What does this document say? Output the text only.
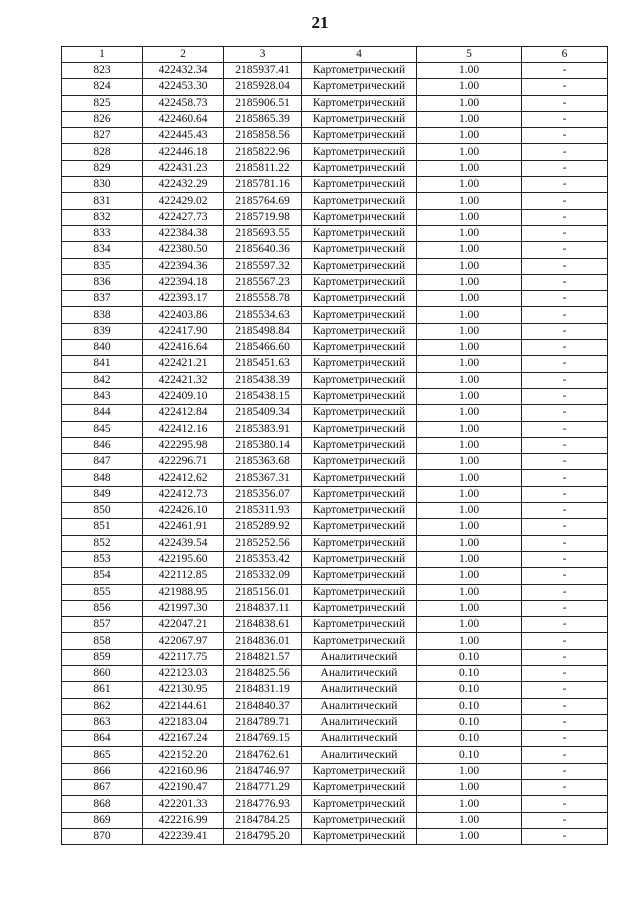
21
1	2	3	4	5	6
823	422432.34	2185937.41	Картометрический	1.00	-
824	422453.30	2185928.04	Картометрический	1.00	-
825	422458.73	2185906.51	Картометрический	1.00	-
826	422460.64	2185865.39	Картометрический	1.00	-
827	422445.43	2185858.56	Картометрический	1.00	-
828	422446.18	2185822.96	Картометрический	1.00	-
829	422431.23	2185811.22	Картометрический	1.00	-
830	422432.29	2185781.16	Картометрический	1.00	-
831	422429.02	2185764.69	Картометрический	1.00	-
832	422427.73	2185719.98	Картометрический	1.00	-
833	422384.38	2185693.55	Картометрический	1.00	-
834	422380.50	2185640.36	Картометрический	1.00	-
835	422394.36	2185597.32	Картометрический	1.00	-
836	422394.18	2185567.23	Картометрический	1.00	-
837	422393.17	2185558.78	Картометрический	1.00	-
838	422403.86	2185534.63	Картометрический	1.00	-
839	422417.90	2185498.84	Картометрический	1.00	-
840	422416.64	2185466.60	Картометрический	1.00	-
841	422421.21	2185451.63	Картометрический	1.00	-
842	422421.32	2185438.39	Картометрический	1.00	-
843	422409.10	2185438.15	Картометрический	1.00	-
844	422412.84	2185409.34	Картометрический	1.00	-
845	422412.16	2185383.91	Картометрический	1.00	-
846	422295.98	2185380.14	Картометрический	1.00	-
847	422296.71	2185363.68	Картометрический	1.00	-
848	422412.62	2185367.31	Картометрический	1.00	-
849	422412.73	2185356.07	Картометрический	1.00	-
850	422426.10	2185311.93	Картометрический	1.00	-
851	422461.91	2185289.92	Картометрический	1.00	-
852	422439.54	2185252.56	Картометрический	1.00	-
853	422195.60	2185353.42	Картометрический	1.00	-
854	422112.85	2185332.09	Картометрический	1.00	-
855	421988.95	2185156.01	Картометрический	1.00	-
856	421997.30	2184837.11	Картометрический	1.00	-
857	422047.21	2184838.61	Картометрический	1.00	-
858	422067.97	2184836.01	Картометрический	1.00	-
859	422117.75	2184821.57	Аналитический	0.10	-
860	422123.03	2184825.56	Аналитический	0.10	-
861	422130.95	2184831.19	Аналитический	0.10	-
862	422144.61	2184840.37	Аналитический	0.10	-
863	422183.04	2184789.71	Аналитический	0.10	-
864	422167.24	2184769.15	Аналитический	0.10	-
865	422152.20	2184762.61	Аналитический	0.10	-
866	422160.96	2184746.97	Картометрический	1.00	-
867	422190.47	2184771.29	Картометрический	1.00	-
868	422201.33	2184776.93	Картометрический	1.00	-
869	422216.99	2184784.25	Картометрический	1.00	-
870	422239.41	2184795.20	Картометрический	1.00	-
